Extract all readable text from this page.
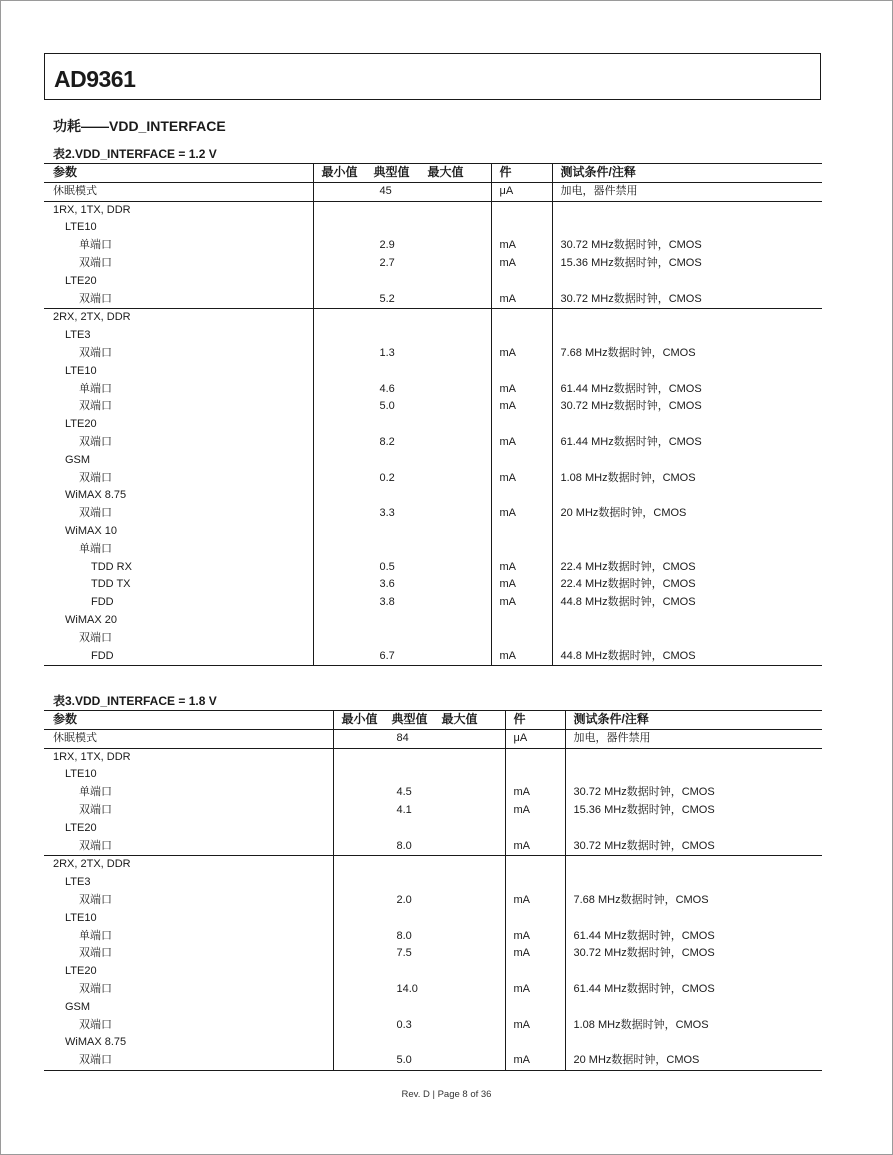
AD9361
功耗——VDD_INTERFACE
表2.VDD_INTERFACE = 1.2 V
参数	最小值 典型值 最大值	件	测试条件/注释
休眠模式	45	μA	加电，器件禁用
1RX, 1TX, DDR			
LTE10			
单端口	2.9	mA	30.72 MHz数据时钟，CMOS
双端口	2.7	mA	15.36 MHz数据时钟，CMOS
LTE20			
双端口	5.2	mA	30.72 MHz数据时钟，CMOS
2RX, 2TX, DDR			
LTE3			
双端口	1.3	mA	7.68 MHz数据时钟，CMOS
LTE10			
单端口	4.6	mA	61.44 MHz数据时钟，CMOS
双端口	5.0	mA	30.72 MHz数据时钟，CMOS
LTE20			
双端口	8.2	mA	61.44 MHz数据时钟，CMOS
GSM			
双端口	0.2	mA	1.08 MHz数据时钟，CMOS
WiMAX 8.75			
双端口	3.3	mA	20 MHz数据时钟，CMOS
WiMAX 10			
单端口			
TDD RX	0.5	mA	22.4 MHz数据时钟，CMOS
TDD TX	3.6	mA	22.4 MHz数据时钟，CMOS
FDD	3.8	mA	44.8 MHz数据时钟，CMOS
WiMAX 20			
双端口			
FDD	6.7	mA	44.8 MHz数据时钟，CMOS
表3.VDD_INTERFACE = 1.8 V
参数	最小值 典型值 最大值	件	测试条件/注释
休眠模式	84	μA	加电，器件禁用
1RX, 1TX, DDR			
LTE10			
单端口	4.5	mA	30.72 MHz数据时钟，CMOS
双端口	4.1	mA	15.36 MHz数据时钟，CMOS
LTE20			
双端口	8.0	mA	30.72 MHz数据时钟，CMOS
2RX, 2TX, DDR			
LTE3			
双端口	2.0	mA	7.68 MHz数据时钟，CMOS
LTE10			
单端口	8.0	mA	61.44 MHz数据时钟，CMOS
双端口	7.5	mA	30.72 MHz数据时钟，CMOS
LTE20			
双端口	14.0	mA	61.44 MHz数据时钟，CMOS
GSM			
双端口	0.3	mA	1.08 MHz数据时钟，CMOS
WiMAX 8.75			
双端口	5.0	mA	20 MHz数据时钟，CMOS
Rev. D | Page 8 of 36
